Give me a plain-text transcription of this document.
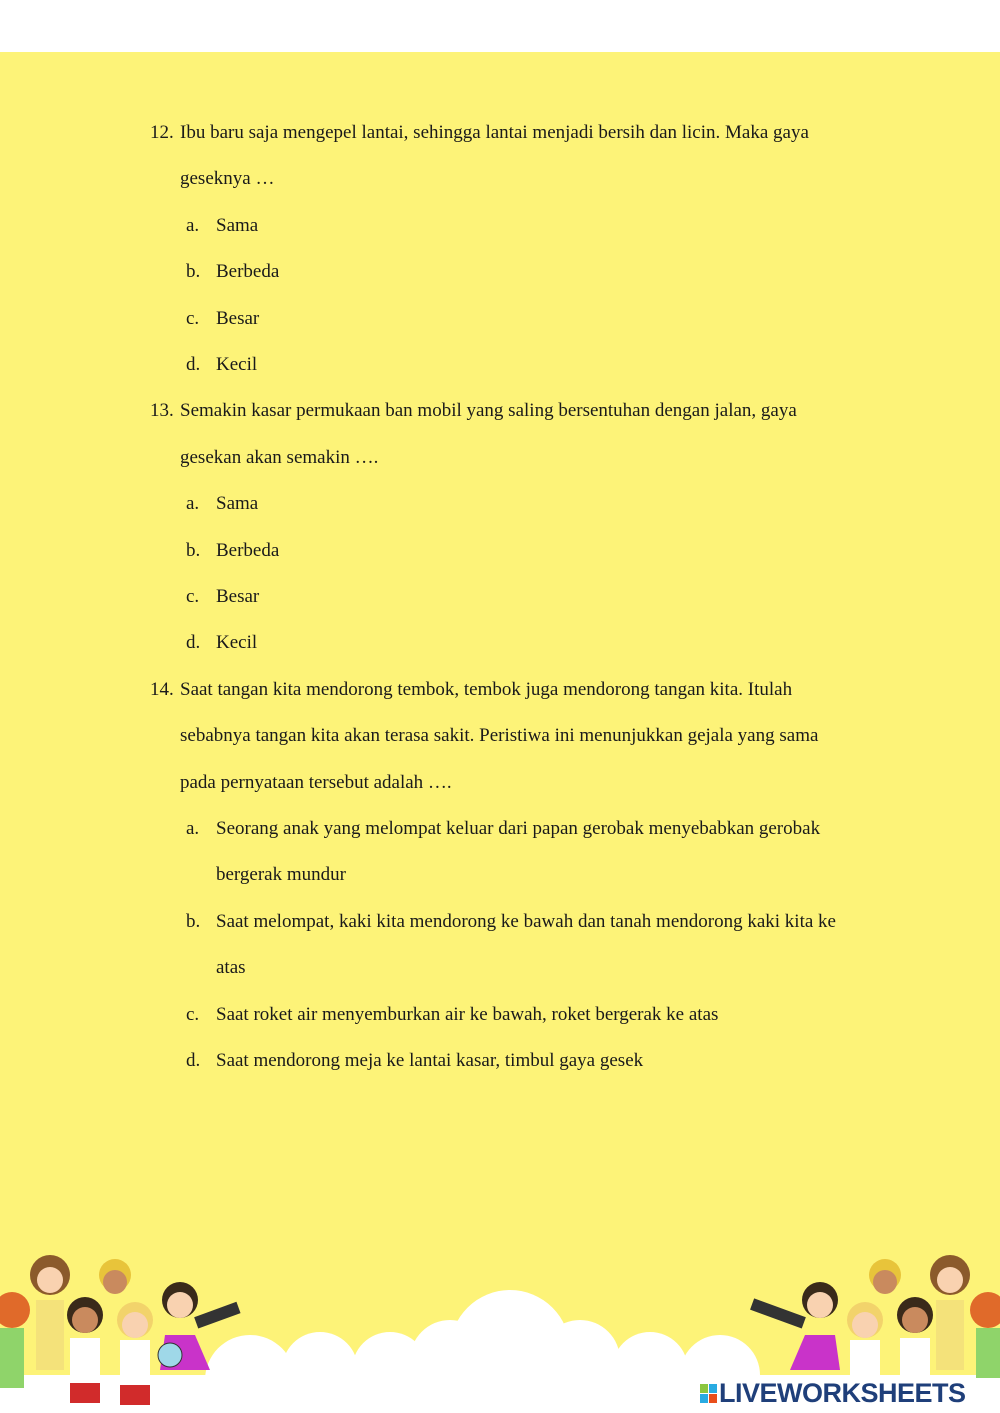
12. Ibu baru saja mengepel lantai, sehingga lantai menjadi bersih dan licin. Maka gaya
geseknya …
a. Sama
b. Berbeda
c. Besar
d. Kecil
13. Semakin kasar permukaan ban mobil yang saling bersentuhan dengan jalan, gaya
gesekan akan semakin ….
a. Sama
b. Berbeda
c. Besar
d. Kecil
14. Saat tangan kita mendorong tembok, tembok juga mendorong tangan kita. Itulah
sebabnya tangan kita akan terasa sakit. Peristiwa ini menunjukkan gejala yang sama
pada pernyataan tersebut adalah ….
a. Seorang anak yang melompat keluar dari papan gerobak menyebabkan gerobak
bergerak mundur
b. Saat melompat, kaki kita mendorong ke bawah dan tanah mendorong kaki kita ke
atas
c. Saat roket air menyemburkan air ke bawah, roket bergerak ke atas
d. Saat mendorong meja ke lantai kasar, timbul gaya gesek
LIVEWORKSHEETS
